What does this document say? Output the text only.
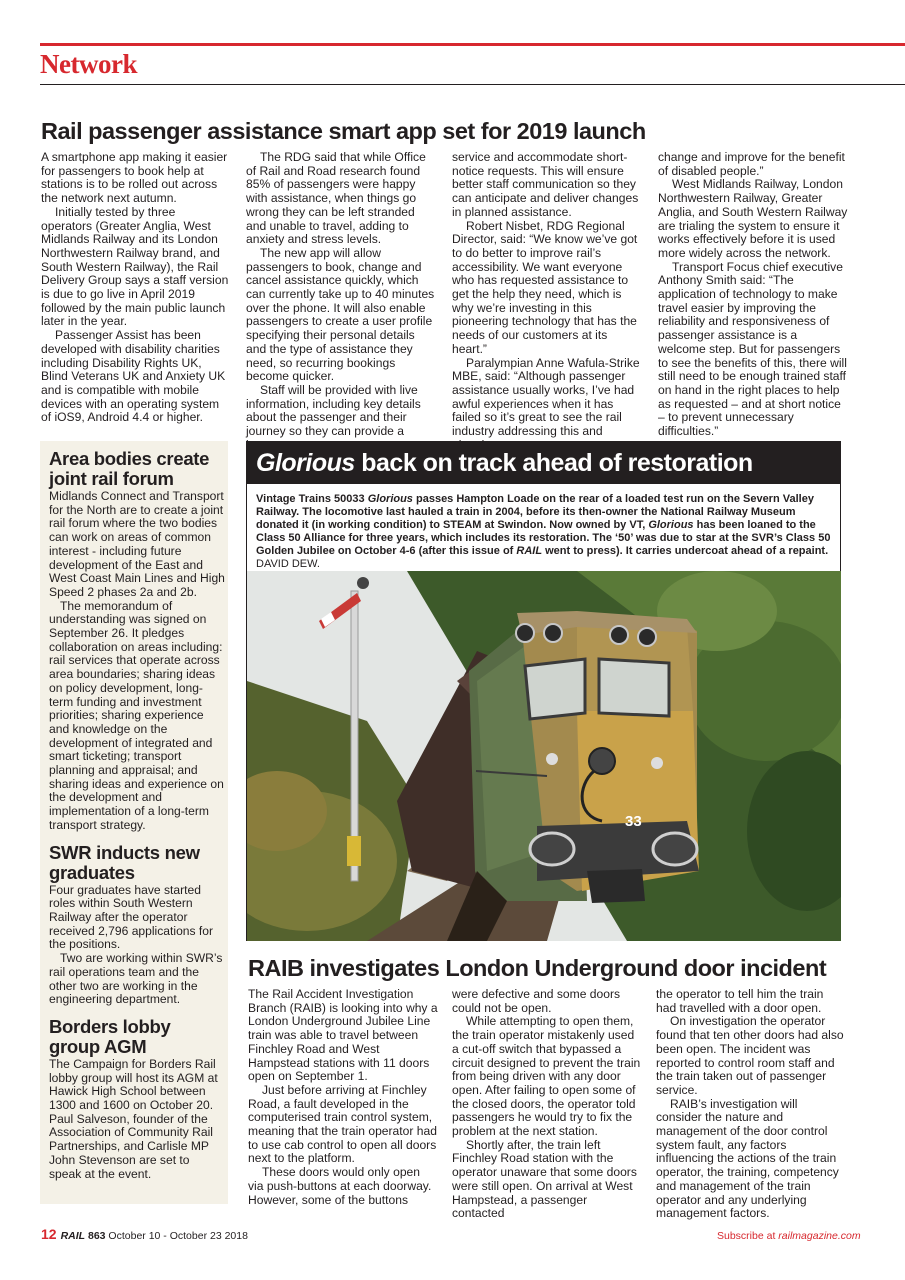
Network
Rail passenger assistance smart app set for 2019 launch

A smartphone app making it easier for passengers to book help at stations is to be rolled out across the network next autumn.

Initially tested by three operators (Greater Anglia, West Midlands Railway and its London Northwestern Railway brand, and South Western Railway), the Rail Delivery Group says a staff version is due to go live in April 2019 followed by the main public launch later in the year.

Passenger Assist has been developed with disability charities including Disability Rights UK, Blind Veterans UK and Anxiety UK and is compatible with mobile devices with an operating system of iOS9, Android 4.4 or higher.

The RDG said that while Office of Rail and Road research found 85% of passengers were happy with assistance, when things go wrong they can be left stranded and unable to travel, adding to anxiety and stress levels.

The new app will allow passengers to book, change and cancel assistance quickly, which can currently take up to 40 minutes over the phone. It will also enable passengers to create a user profile specifying their personal details and the type of assistance they need, so recurring bookings become quicker.

Staff will be provided with live information, including key details about the passenger and their journey so they can provide a

service and accommodate short-notice requests. This will ensure better staff communication so they can anticipate and deliver changes in planned assistance.

Robert Nisbet, RDG Regional Director, said: “We know we’ve got to do better to improve rail’s accessibility. We want everyone who has requested assistance to get the help they need, which is why we’re investing in this pioneering technology that has the needs of our customers at its heart.”

Paralympian Anne Wafula-Strike MBE, said: “Although passenger assistance usually works, I’ve had awful experiences when it has failed so it’s great to see the rail industry addressing this and

change and improve for the benefit of disabled people.”

West Midlands Railway, London Northwestern Railway, Greater Anglia, and South Western Railway are trialing the system to ensure it works effectively before it is used more widely across the network.

Transport Focus chief executive Anthony Smith said: “The application of technology to make travel easier by improving the reliability and responsiveness of passenger assistance is a welcome step. But for passengers to see the benefits of this, there will still need to be enough trained staff on hand in the right places to help as requested – and at short notice – to prevent unnecessary difficulties.”

Area bodies create joint rail forum

Midlands Connect and Transport for the North are to create a joint rail forum where the two bodies can work on areas of common interest - including future development of the East and West Coast Main Lines and High Speed 2 phases 2a and 2b.

The memorandum of understanding was signed on September 26. It pledges collaboration on areas including: rail services that operate across area boundaries; sharing ideas on policy development, long-term funding and investment priorities; sharing experience and knowledge on the development of integrated and smart ticketing; transport planning and appraisal; and sharing ideas and experience on the development and implementation of a long-term transport strategy.

SWR inducts new graduates

Four graduates have started roles within South Western Railway after the operator received 2,796 applications for the positions.

Two are working within SWR’s rail operations team and the other two are working in the engineering department.

Borders lobby group AGM

The Campaign for Borders Rail lobby group will host its AGM at Hawick High School between 1300 and 1600 on October 20. Paul Salveson, founder of the Association of Community Rail Partnerships, and Carlisle MP John Stevenson are set to speak at the event.

Glorious back on track ahead of restoration
Vintage Trains 50033 Glorious passes Hampton Loade on the rear of a loaded test run on the Severn Valley Railway. The locomotive last hauled a train in 2004, before its then-owner the National Railway Museum donated it (in working condition) to STEAM at Swindon. Now owned by VT, Glorious has been loaned to the Class 50 Alliance for three years, which includes its restoration. The ‘50’ was due to star at the SVR’s Class 50 Golden Jubilee on October 4-6 (after this issue of RAIL went to press). It carries undercoat ahead of a repaint. DAVID DEW.
33
RAIB investigates London Underground door incident

The Rail Accident Investigation Branch (RAIB) is looking into why a London Underground Jubilee Line train was able to travel between Finchley Road and West Hampstead stations with 11 doors open on September 1.

Just before arriving at Finchley Road, a fault developed in the computerised train control system, meaning that the train operator had to use cab control to open all doors next to the platform.

These doors would only open via push-buttons at each doorway. However, some of the buttons

were defective and some doors could not be open.

While attempting to open them, the train operator mistakenly used a cut-off switch that bypassed a circuit designed to prevent the train from being driven with any door open. After failing to open some of the closed doors, the operator told passengers he would try to fix the problem at the next station.

Shortly after, the train left Finchley Road station with the operator unaware that some doors were still open. On arrival at West Hampstead, a passenger contacted

the operator to tell him the train had travelled with a door open.

On investigation the operator found that ten other doors had also been open. The incident was reported to control room staff and the train taken out of passenger service.

RAIB’s investigation will consider the nature and management of the door control system fault, any factors influencing the actions of the train operator, the training, competency and management of the train operator and any underlying management factors.

12 RAIL 863 October 10 - October 23 2018	Subscribe at railmagazine.com
